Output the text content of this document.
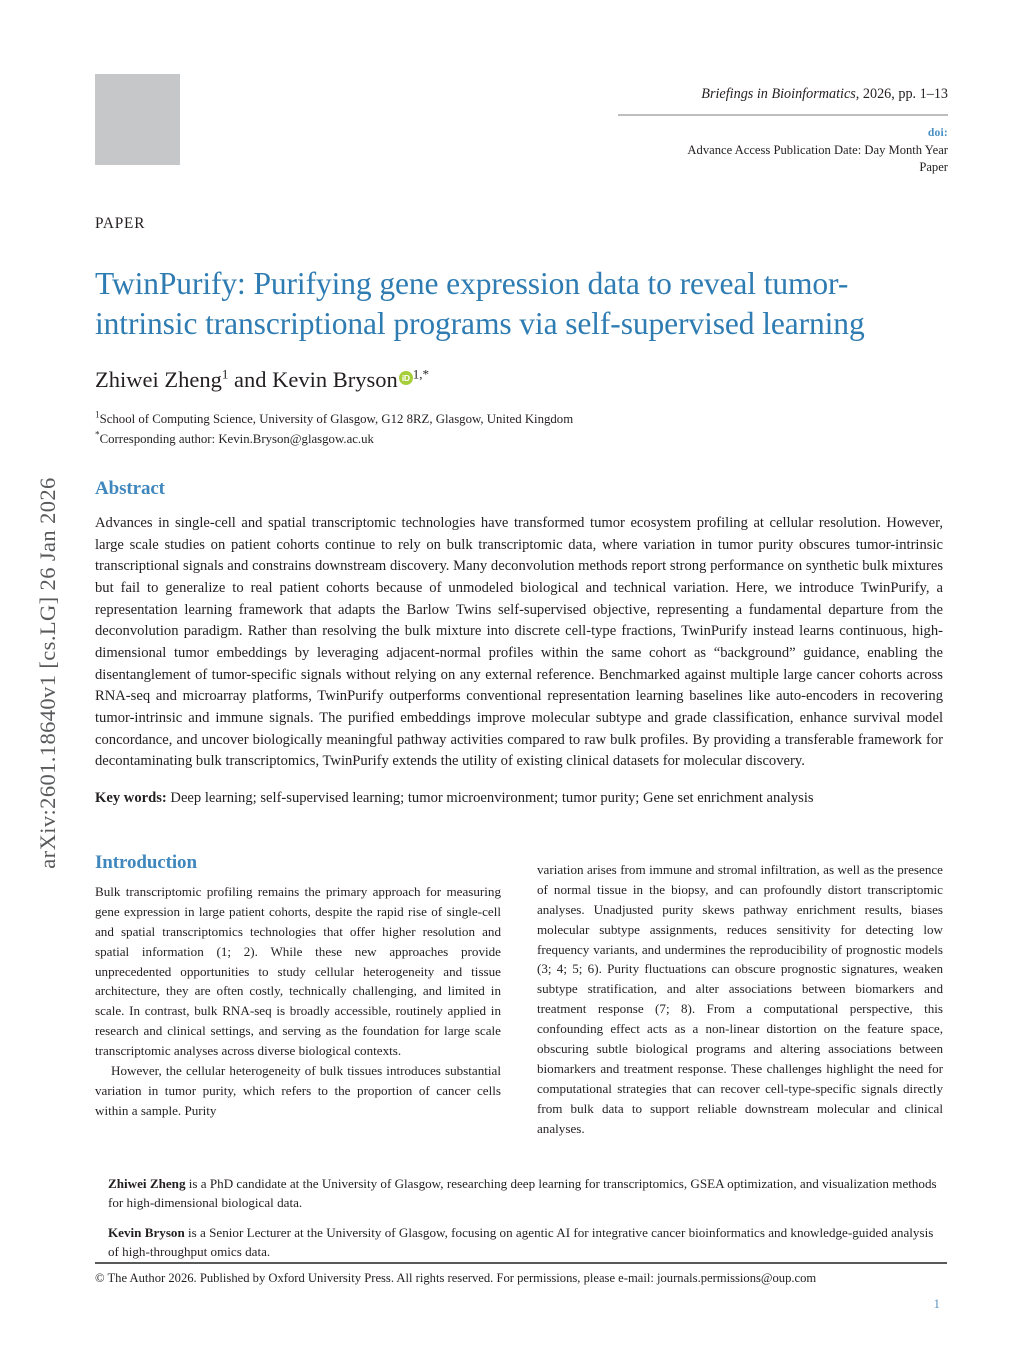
arXiv:2601.18640v1 [cs.LG] 26 Jan 2026
Briefings in Bioinformatics, 2026, pp. 1–13
doi:
Advance Access Publication Date: Day Month Year
Paper
PAPER
TwinPurify: Purifying gene expression data to reveal tumor-intrinsic transcriptional programs via self-supervised learning
Zhiwei Zheng$^1$ and Kevin Bryson iD $^{1,*}$
$^1$School of Computing Science, University of Glasgow, G12 8RZ, Glasgow, United Kingdom
*Corresponding author: Kevin.Bryson@glasgow.ac.uk
Abstract
Advances in single-cell and spatial transcriptomic technologies have transformed tumor ecosystem profiling at cellular resolution. However, large scale studies on patient cohorts continue to rely on bulk transcriptomic data, where variation in tumor purity obscures tumor-intrinsic transcriptional signals and constrains downstream discovery. Many deconvolution methods report strong performance on synthetic bulk mixtures but fail to generalize to real patient cohorts because of unmodeled biological and technical variation. Here, we introduce TwinPurify, a representation learning framework that adapts the Barlow Twins self-supervised objective, representing a fundamental departure from the deconvolution paradigm. Rather than resolving the bulk mixture into discrete cell-type fractions, TwinPurify instead learns continuous, high-dimensional tumor embeddings by leveraging adjacent-normal profiles within the same cohort as “background” guidance, enabling the disentanglement of tumor-specific signals without relying on any external reference. Benchmarked against multiple large cancer cohorts across RNA-seq and microarray platforms, TwinPurify outperforms conventional representation learning baselines like auto-encoders in recovering tumor-intrinsic and immune signals. The purified embeddings improve molecular subtype and grade classification, enhance survival model concordance, and uncover biologically meaningful pathway activities compared to raw bulk profiles. By providing a transferable framework for decontaminating bulk transcriptomics, TwinPurify extends the utility of existing clinical datasets for molecular discovery.
Key words: Deep learning; self-supervised learning; tumor microenvironment; tumor purity; Gene set enrichment analysis
Introduction

Bulk transcriptomic profiling remains the primary approach for measuring gene expression in large patient cohorts, despite the rapid rise of single-cell and spatial transcriptomics technologies that offer higher resolution and spatial information (1; 2). While these new approaches provide unprecedented opportunities to study cellular heterogeneity and tissue architecture, they are often costly, technically challenging, and limited in scale. In contrast, bulk RNA-seq is broadly accessible, routinely applied in research and clinical settings, and serving as the foundation for large scale transcriptomic analyses across diverse biological contexts.

However, the cellular heterogeneity of bulk tissues introduces substantial variation in tumor purity, which refers to the proportion of cancer cells within a sample. Purity

variation arises from immune and stromal infiltration, as well as the presence of normal tissue in the biopsy, and can profoundly distort transcriptomic analyses. Unadjusted purity skews pathway enrichment results, biases molecular subtype assignments, reduces sensitivity for detecting low frequency variants, and undermines the reproducibility of prognostic models (3; 4; 5; 6). Purity fluctuations can obscure prognostic signatures, weaken subtype stratification, and alter associations between biomarkers and treatment response (7; 8). From a computational perspective, this confounding effect acts as a non-linear distortion on the feature space, obscuring subtle biological programs and altering associations between biomarkers and treatment response. These challenges highlight the need for computational strategies that can recover cell-type-specific signals directly from bulk data to support reliable downstream molecular and clinical analyses.

Zhiwei Zheng is a PhD candidate at the University of Glasgow, researching deep learning for transcriptomics, GSEA optimization, and visualization methods for high-dimensional biological data.

Kevin Bryson is a Senior Lecturer at the University of Glasgow, focusing on agentic AI for integrative cancer bioinformatics and knowledge-guided analysis of high-throughput omics data.

© The Author 2026. Published by Oxford University Press. All rights reserved. For permissions, please e-mail: journals.permissions@oup.com
1
